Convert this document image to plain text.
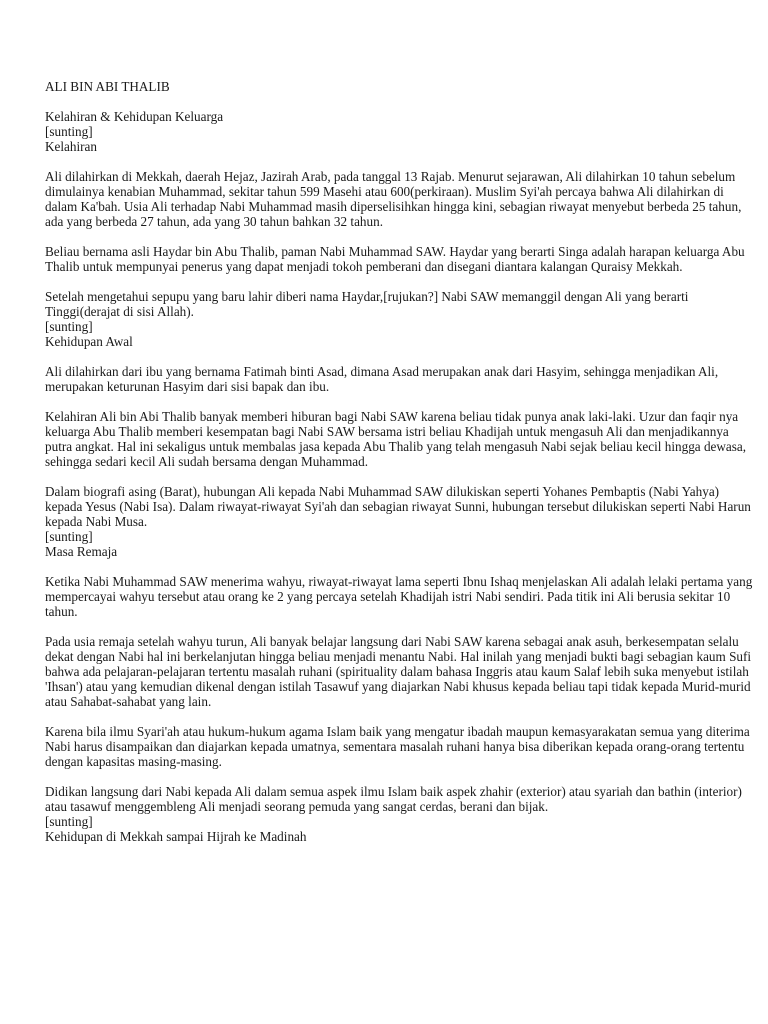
ALI BIN ABI THALIB
Kelahiran & Kehidupan Keluarga
[sunting]
Kelahiran
Ali dilahirkan di Mekkah, daerah Hejaz, Jazirah Arab, pada tanggal 13 Rajab. Menurut sejarawan, Ali dilahirkan 10 tahun sebelum dimulainya kenabian Muhammad, sekitar tahun 599 Masehi atau 600(perkiraan). Muslim Syi'ah percaya bahwa Ali dilahirkan di dalam Ka'bah. Usia Ali terhadap Nabi Muhammad masih diperselisihkan hingga kini, sebagian riwayat menyebut berbeda 25 tahun, ada yang berbeda 27 tahun, ada yang 30 tahun bahkan 32 tahun.
Beliau bernama asli Haydar bin Abu Thalib, paman Nabi Muhammad SAW. Haydar yang berarti Singa adalah harapan keluarga Abu Thalib untuk mempunyai penerus yang dapat menjadi tokoh pemberani dan disegani diantara kalangan Quraisy Mekkah.
Setelah mengetahui sepupu yang baru lahir diberi nama Haydar,[rujukan?] Nabi SAW memanggil dengan Ali yang berarti Tinggi(derajat di sisi Allah).
[sunting]
Kehidupan Awal
Ali dilahirkan dari ibu yang bernama Fatimah binti Asad, dimana Asad merupakan anak dari Hasyim, sehingga menjadikan Ali, merupakan keturunan Hasyim dari sisi bapak dan ibu.
Kelahiran Ali bin Abi Thalib banyak memberi hiburan bagi Nabi SAW karena beliau tidak punya anak laki-laki. Uzur dan faqir nya keluarga Abu Thalib memberi kesempatan bagi Nabi SAW bersama istri beliau Khadijah untuk mengasuh Ali dan menjadikannya putra angkat. Hal ini sekaligus untuk membalas jasa kepada Abu Thalib yang telah mengasuh Nabi sejak beliau kecil hingga dewasa, sehingga sedari kecil Ali sudah bersama dengan Muhammad.
Dalam biografi asing (Barat), hubungan Ali kepada Nabi Muhammad SAW dilukiskan seperti Yohanes Pembaptis (Nabi Yahya) kepada Yesus (Nabi Isa). Dalam riwayat-riwayat Syi'ah dan sebagian riwayat Sunni, hubungan tersebut dilukiskan seperti Nabi Harun kepada Nabi Musa.
[sunting]
Masa Remaja
Ketika Nabi Muhammad SAW menerima wahyu, riwayat-riwayat lama seperti Ibnu Ishaq menjelaskan Ali adalah lelaki pertama yang mempercayai wahyu tersebut atau orang ke 2 yang percaya setelah Khadijah istri Nabi sendiri. Pada titik ini Ali berusia sekitar 10 tahun.
Pada usia remaja setelah wahyu turun, Ali banyak belajar langsung dari Nabi SAW karena sebagai anak asuh, berkesempatan selalu dekat dengan Nabi hal ini berkelanjutan hingga beliau menjadi menantu Nabi. Hal inilah yang menjadi bukti bagi sebagian kaum Sufi bahwa ada pelajaran-pelajaran tertentu masalah ruhani (spirituality dalam bahasa Inggris atau kaum Salaf lebih suka menyebut istilah 'Ihsan') atau yang kemudian dikenal dengan istilah Tasawuf yang diajarkan Nabi khusus kepada beliau tapi tidak kepada Murid-murid atau Sahabat-sahabat yang lain.
Karena bila ilmu Syari'ah atau hukum-hukum agama Islam baik yang mengatur ibadah maupun kemasyarakatan semua yang diterima Nabi harus disampaikan dan diajarkan kepada umatnya, sementara masalah ruhani hanya bisa diberikan kepada orang-orang tertentu dengan kapasitas masing-masing.
Didikan langsung dari Nabi kepada Ali dalam semua aspek ilmu Islam baik aspek zhahir (exterior) atau syariah dan bathin (interior) atau tasawuf menggembleng Ali menjadi seorang pemuda yang sangat cerdas, berani dan bijak.
[sunting]
Kehidupan di Mekkah sampai Hijrah ke Madinah
